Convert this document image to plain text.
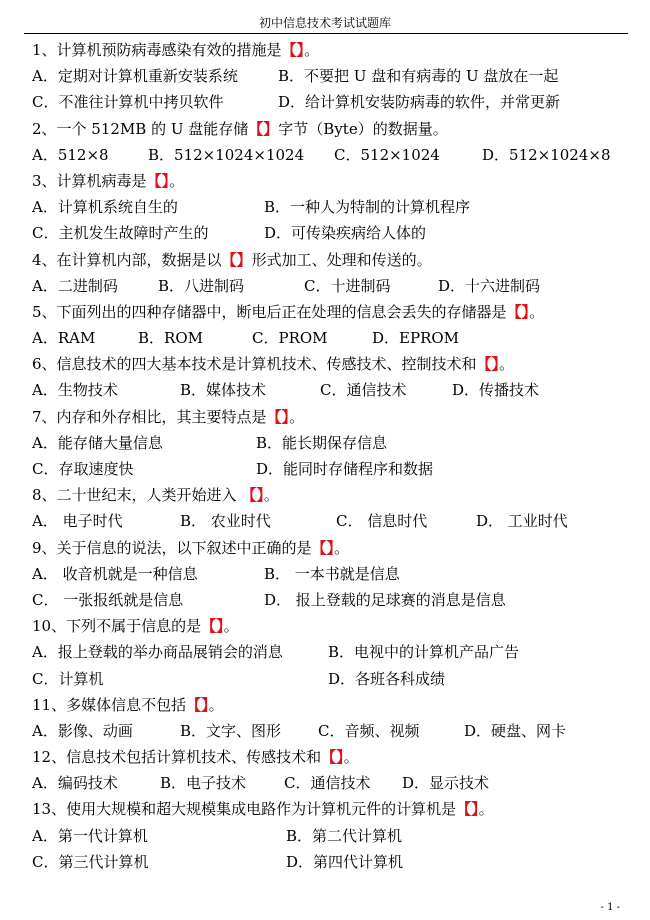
初中信息技术考试试题库
1、计算机预防病毒感染有效的措施是【】。
A．定期对计算机重新安装系统	B．不要把 U 盘和有病毒的 U 盘放在一起
C．不准往计算机中拷贝软件	D．给计算机安装防病毒的软件，并常更新
2、一个 512MB 的 U 盘能存储【】字节（Byte）的数据量。
A．512×8	B．512×1024×1024 C．512×1024	D．512×1024×8
3、计算机病毒是【】。
A．计算机系统自生的	B．一种人为特制的计算机程序
C．主机发生故障时产生的	D．可传染疾病给人体的
4、在计算机内部，数据是以【】形式加工、处理和传送的。
A．二进制码	B．八进制码	C．十进制码	D．十六进制码
5、下面列出的四种存储器中，断电后正在处理的信息会丢失的存储器是【】。
A．RAM	B．ROM	C．PROM	D．EPROM
6、信息技术的四大基本技术是计算机技术、传感技术、控制技术和【】。
A．生物技术	B．媒体技术	C．通信技术	D．传播技术
7、内存和外存相比，其主要特点是【】。
A．能存储大量信息	B．能长期保存信息
C．存取速度快	D．能同时存储程序和数据
8、二十世纪末，人类开始进入 【】。
A． 电子时代	B． 农业时代	C． 信息时代	D． 工业时代
9、关于信息的说法，以下叙述中正确的是【】。
A． 收音机就是一种信息	B． 一本书就是信息
C． 一张报纸就是信息	D． 报上登载的足球赛的消息是信息
10、下列不属于信息的是【】。
A．报上登载的举办商品展销会的消息	B．电视中的计算机产品广告
C．计算机	D．各班各科成绩
11、多媒体信息不包括【】。
A．影像、动画	B．文字、图形 C．音频、视频	D．硬盘、网卡
12、信息技术包括计算机技术、传感技术和【】。
A．编码技术	B．电子技术	C．通信技术 D．显示技术
13、使用大规模和超大规模集成电路作为计算机元件的计算机是【】。
A．第一代计算机	B．第二代计算机
C．第三代计算机	D．第四代计算机
- 1 -
